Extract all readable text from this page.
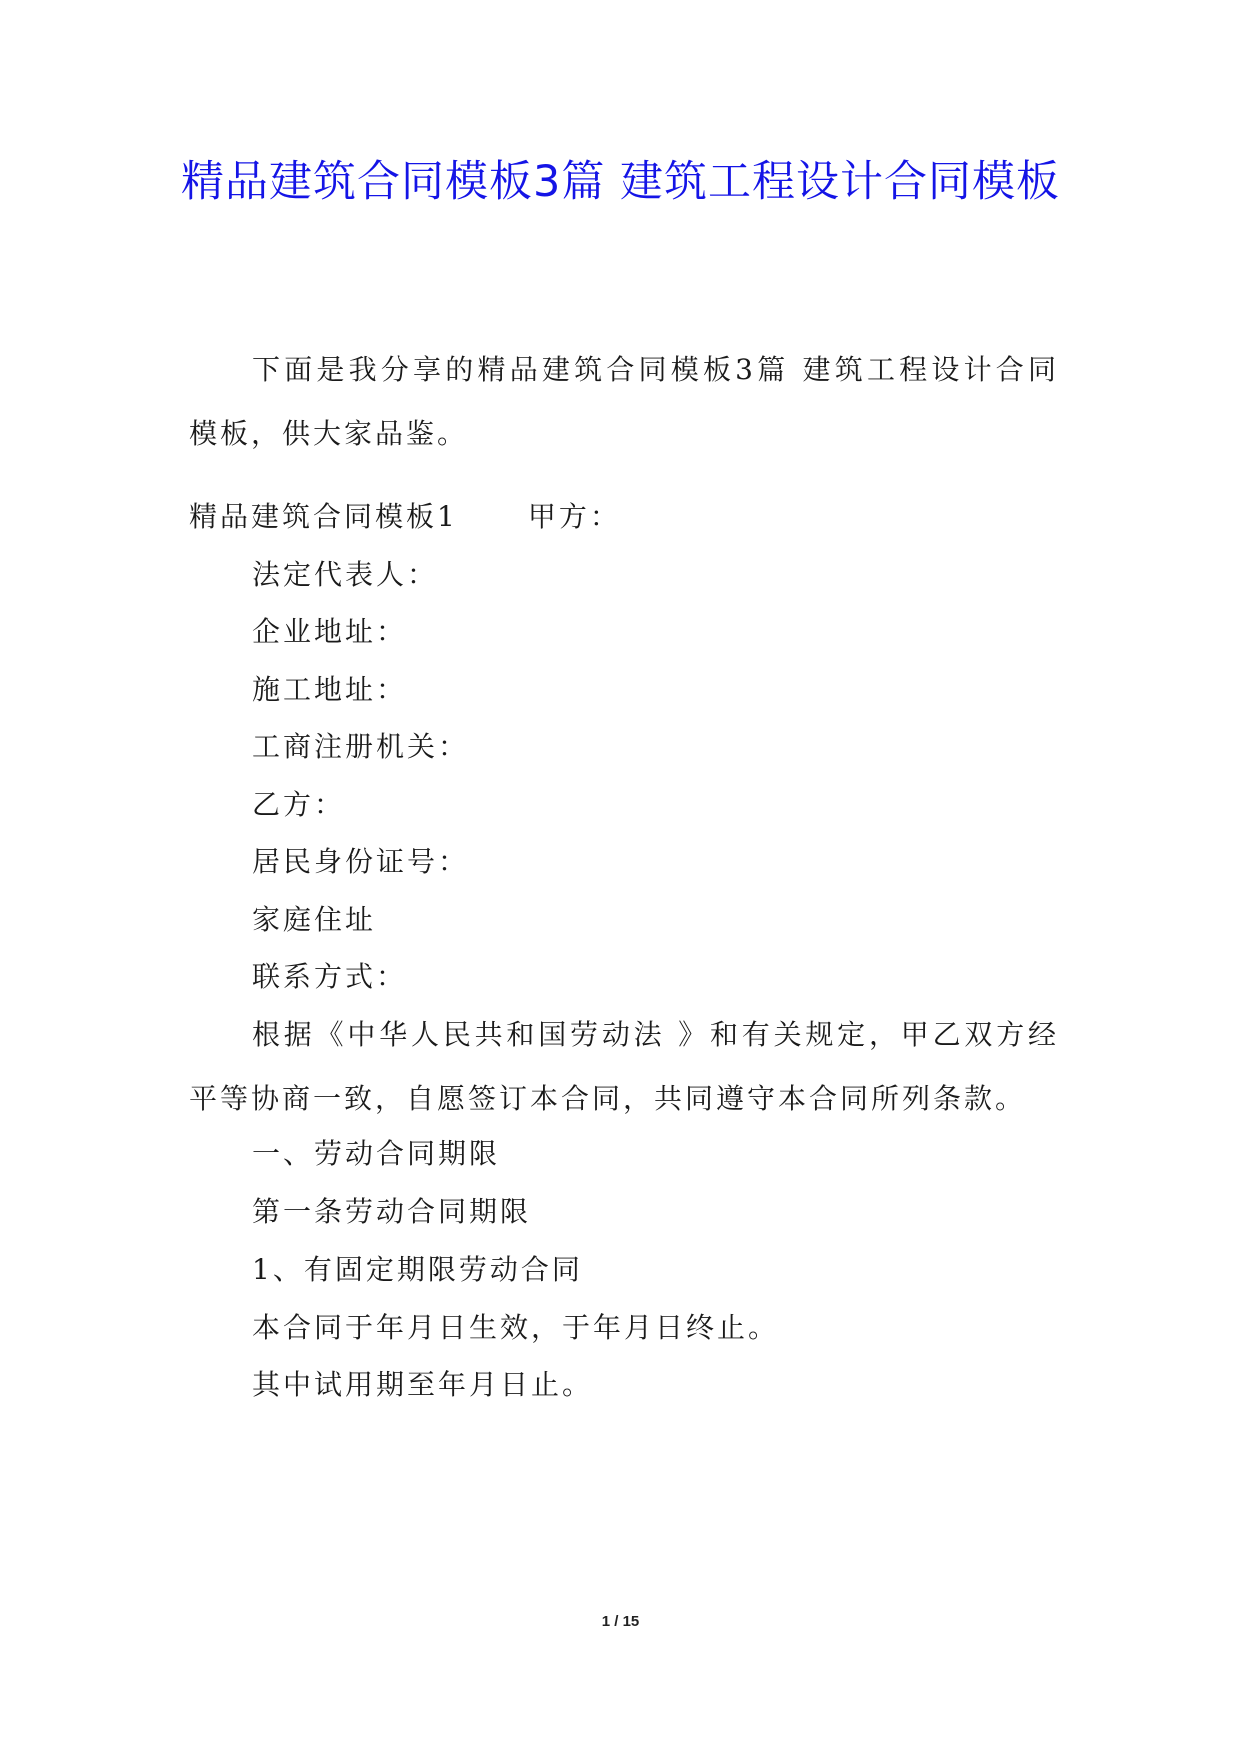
精品建筑合同模板3篇 建筑工程设计合同模板

下面是我分享的精品建筑合同模板3篇 建筑工程设计合同模板，供大家品鉴。

精品建筑合同模板1	甲方：

法定代表人：

企业地址：

施工地址：

工商注册机关：

乙方：

居民身份证号：

家庭住址

联系方式：

根据《中华人民共和国劳动法 》和有关规定，甲乙双方经平等协商一致，自愿签订本合同，共同遵守本合同所列条款。

一、劳动合同期限

第一条劳动合同期限

1、有固定期限劳动合同

本合同于年月日生效，于年月日终止。

其中试用期至年月日止。

1 / 15
